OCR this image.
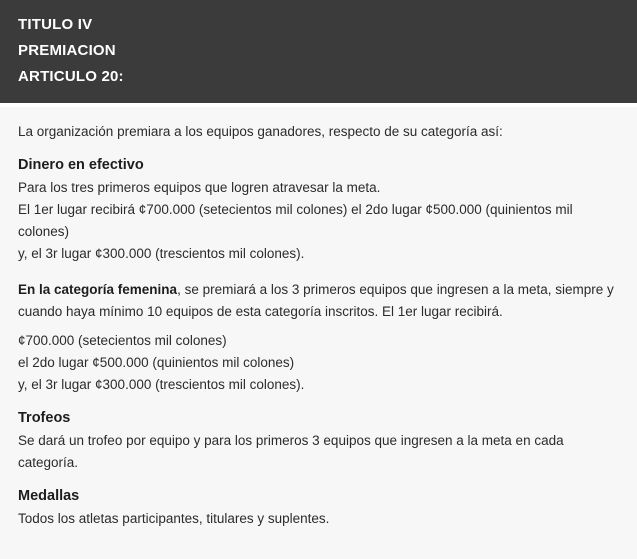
TITULO IV

PREMIACION

ARTICULO 20:

La organización premiara a los equipos ganadores, respecto de su categoría así:

Dinero en efectivo

Para los tres primeros equipos que logren atravesar la meta.

El 1er lugar recibirá ¢700.000 (setecientos mil colones) el 2do lugar ¢500.000 (quinientos mil colones)

y, el 3r lugar ¢300.000 (trescientos mil colones).

En la categoría femenina, se premiará a los 3 primeros equipos que ingresen a la meta, siempre y cuando haya mínimo 10 equipos de esta categoría inscritos. El 1er lugar recibirá.

¢700.000 (setecientos mil colones)

el 2do lugar ¢500.000 (quinientos mil colones)

y, el 3r lugar ¢300.000 (trescientos mil colones).

Trofeos

Se dará un trofeo por equipo y para los primeros 3 equipos que ingresen a la meta en cada categoría.

Medallas

Todos los atletas participantes, titulares y suplentes.
